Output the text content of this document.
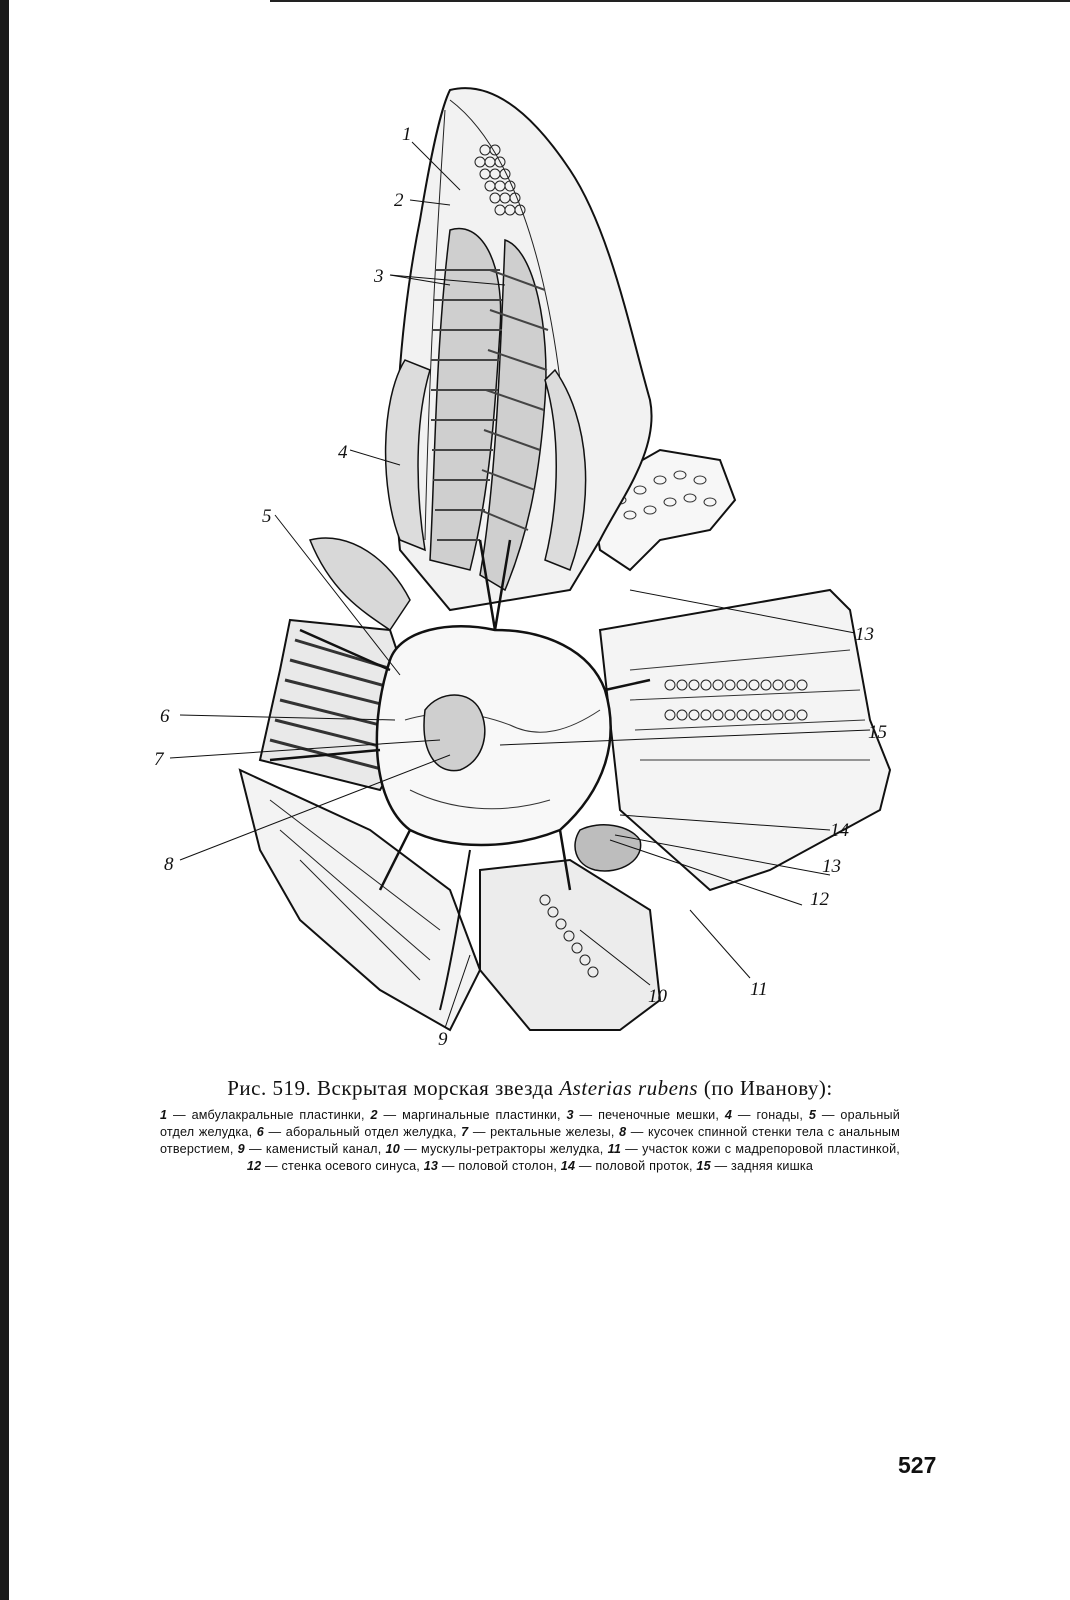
1
2
3
4
5
6
7
8
9
10	11
12
13
14
13
15

Рис. 519. Вскрытая морская звезда Asterias rubens (по Иванову):

1 — амбулакральные пластинки, 2 — маргинальные пластинки, 3 — печеночные мешки, 4 — гонады, 5 — оральный отдел желудка, 6 — аборальный отдел желудка, 7 — ректальные железы, 8 — кусочек спинной стенки тела с анальным отверстием, 9 — каменистый канал, 10 — мускулы-ретракторы желудка, 11 — участок кожи с мадрепоровой пластинкой, 12 — стенка осевого синуса, 13 — половой столон, 14 — половой проток, 15 — задняя кишка

527
